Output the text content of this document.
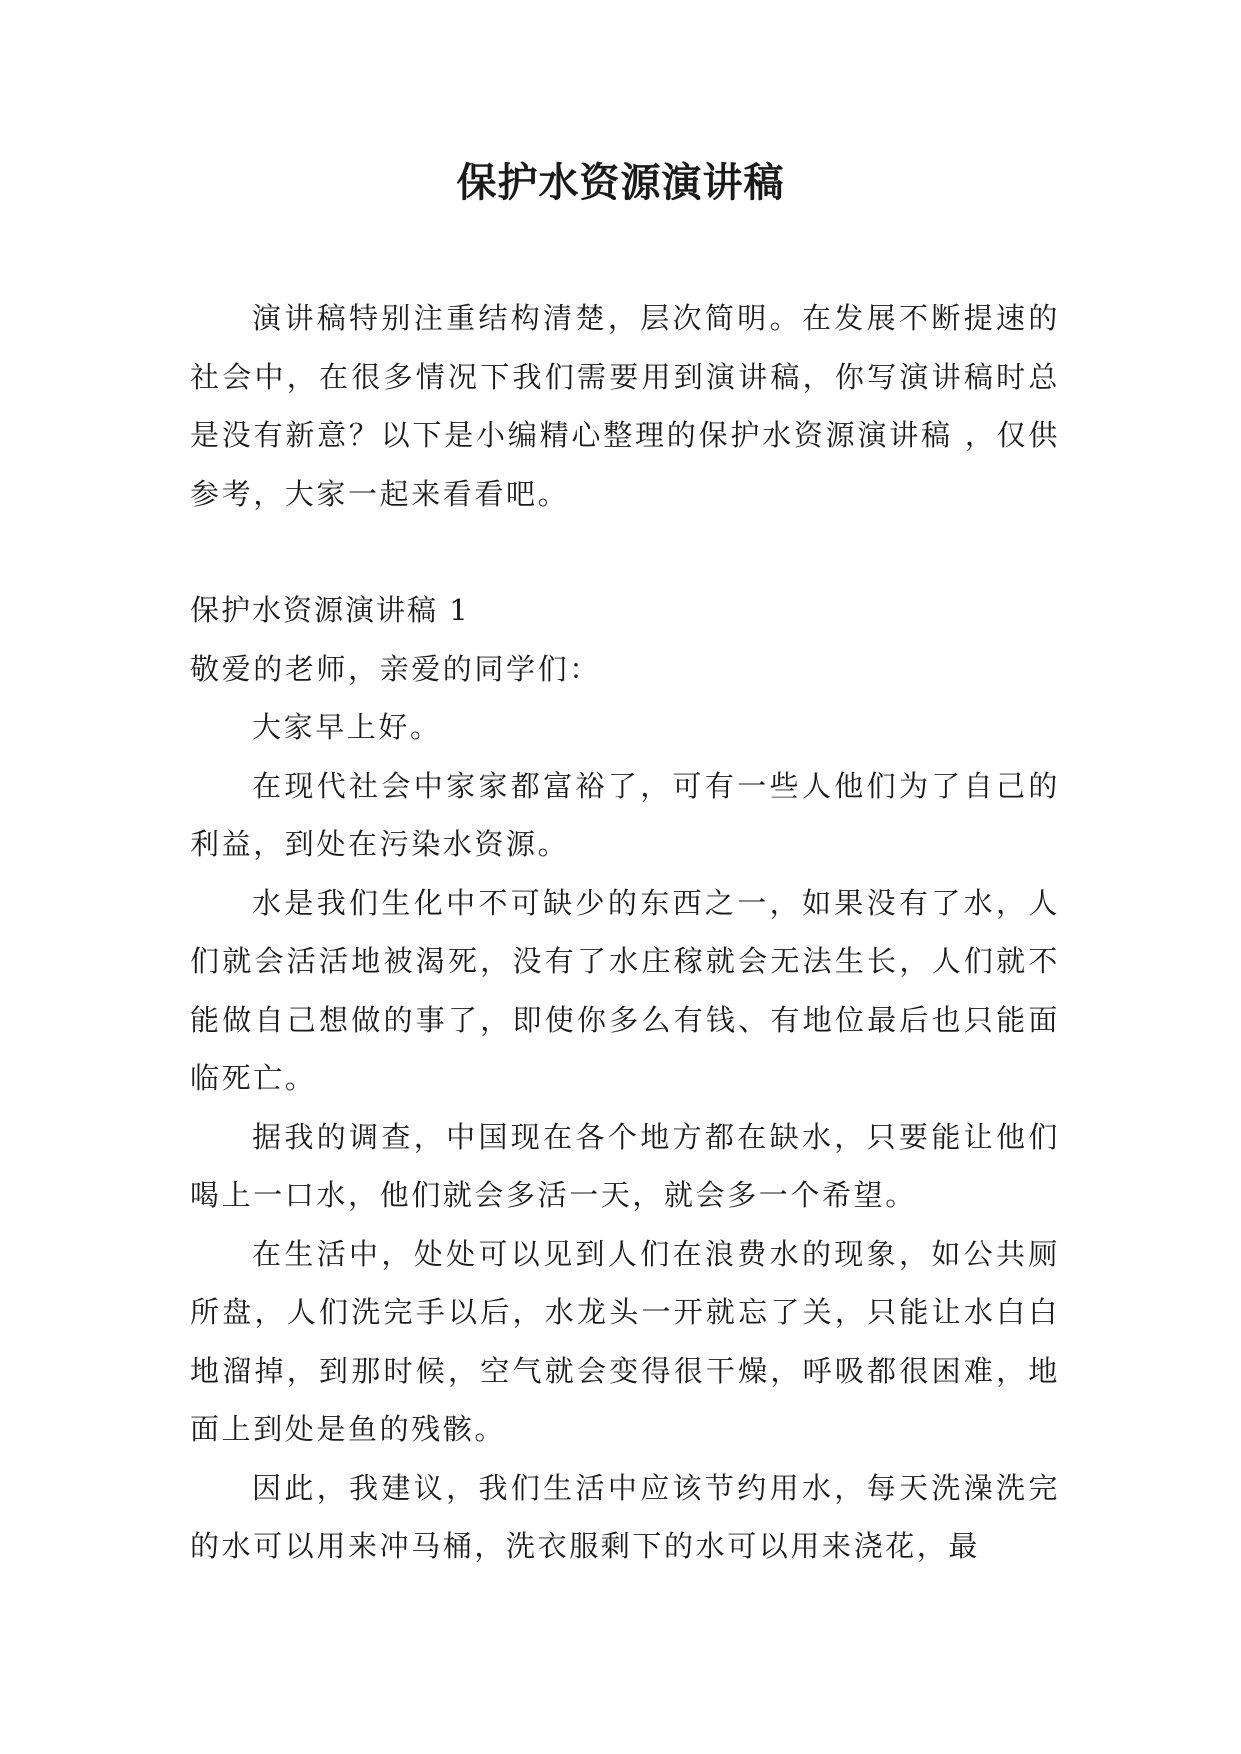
保护水资源演讲稿

演讲稿特别注重结构清楚，层次简明。在发展不断提速的社会中，在很多情况下我们需要用到演讲稿，你写演讲稿时总是没有新意？以下是小编精心整理的保护水资源演讲稿 ，仅供参考，大家一起来看看吧。

保护水资源演讲稿 1

敬爱的老师，亲爱的同学们：

大家早上好。

在现代社会中家家都富裕了，可有一些人他们为了自己的利益，到处在污染水资源。

水是我们生化中不可缺少的东西之一，如果没有了水，人们就会活活地被渴死，没有了水庄稼就会无法生长，人们就不能做自己想做的事了，即使你多么有钱、有地位最后也只能面临死亡。

据我的调查，中国现在各个地方都在缺水，只要能让他们喝上一口水，他们就会多活一天，就会多一个希望。

在生活中，处处可以见到人们在浪费水的现象，如公共厕所盘，人们洗完手以后，水龙头一开就忘了关，只能让水白白地溜掉，到那时候，空气就会变得很干燥，呼吸都很困难，地面上到处是鱼的残骸。

因此，我建议，我们生活中应该节约用水，每天洗澡洗完的水可以用来冲马桶，洗衣服剩下的水可以用来浇花，最
